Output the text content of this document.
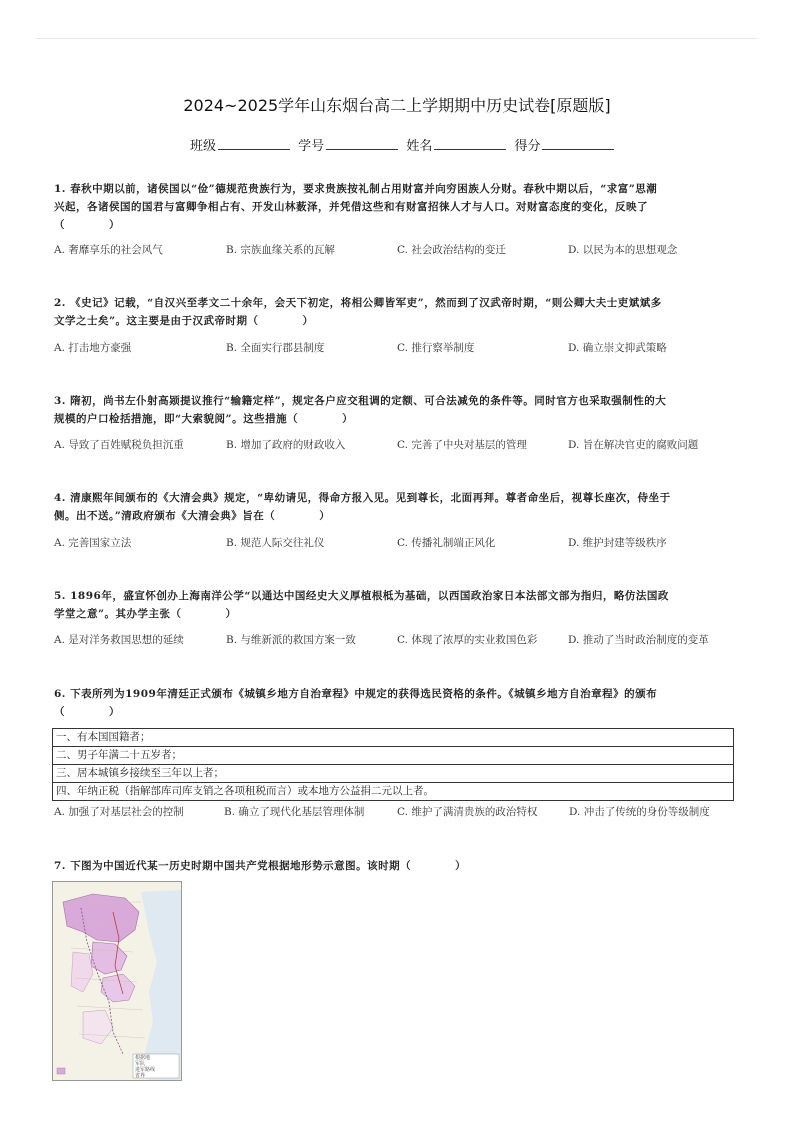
2024~2025学年山东烟台高二上学期期中历史试卷[原题版]
班级	学号	姓名	得分
1. 春秋中期以前，诸侯国以“俭”德规范贵族行为，要求贵族按礼制占用财富并向穷困族人分财。春秋中期以后，“求富”思潮
兴起，各诸侯国的国君与富卿争相占有、开发山林薮泽，并凭借这些和有财富招徕人才与人口。对财富态度的变化，反映了
（　　　　）
A. 奢靡享乐的社会风气	B. 宗族血缘关系的瓦解	C. 社会政治结构的变迁	D. 以民为本的思想观念
2. 《史记》记载，“自汉兴至孝文二十余年，会天下初定，将相公卿皆军吏”，然而到了汉武帝时期，“则公卿大夫士吏斌斌多
文学之士矣”。这主要是由于汉武帝时期（　　　　）
A. 打击地方豪强	B. 全面实行郡县制度	C. 推行察举制度	D. 确立崇文抑武策略
3. 隋初，尚书左仆射高颎提议推行“输籍定样”，规定各户应交租调的定额、可合法减免的条件等。同时官方也采取强制性的大
规模的户口检括措施，即“大索貌阅”。这些措施（　　　　）
A. 导致了百姓赋税负担沉重	B. 增加了政府的财政收入	C. 完善了中央对基层的管理	D. 旨在解决官吏的腐败问题
4. 清康熙年间颁布的《大清会典》规定，“卑幼请见，得命方报入见。见到尊长，北面再拜。尊者命坐后，视尊长座次，侍坐于
侧。出不送。”清政府颁布《大清会典》旨在（　　　　）
A. 完善国家立法	B. 规范人际交往礼仪	C. 传播礼制端正风化	D. 维护封建等级秩序
5. 1896年，盛宣怀创办上海南洋公学“以通达中国经史大义厚植根柢为基础，以西国政治家日本法部文部为指归，略仿法国政
学堂之意”。其办学主张（　　　　）
A. 是对洋务救国思想的延续	B. 与维新派的救国方案一致	C. 体现了浓厚的实业救国色彩	D. 推动了当时政治制度的变革
6. 下表所列为1909年清廷正式颁布《城镇乡地方自治章程》中规定的获得选民资格的条件。《城镇乡地方自治章程》的颁布
（　　　　）
一、有本国国籍者；
二、男子年满二十五岁者；
三、居本城镇乡接续至三年以上者；
四、年纳正税（指解部库司库支销之各项租税而言）或本地方公益捐二元以上者。
A. 加强了对基层社会的控制	B. 确立了现代化基层管理体制	C. 维护了满清贵族的政治特权	D. 冲击了传统的身份等级制度
7. 下图为中国近代某一历史时期中国共产党根据地形势示意图。该时期（　　　　）
根据地
军队
进军路线
省界
